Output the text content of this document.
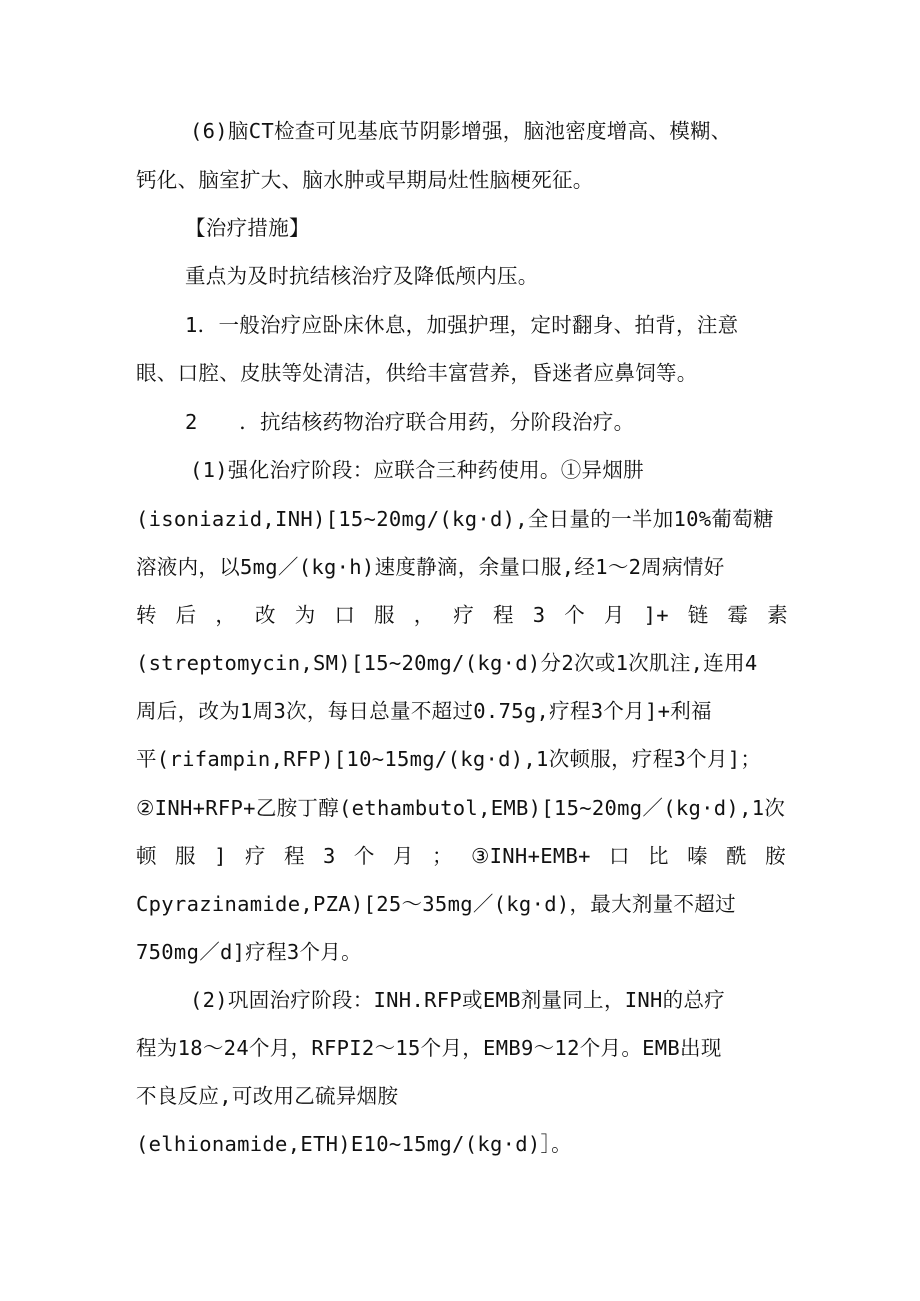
(6)脑CT检查可见基底节阴影增强，脑池密度增高、模糊、
钙化、脑室扩大、脑水肿或早期局灶性脑梗死征。
【治疗措施】
重点为及时抗结核治疗及降低颅内压。
1．一般治疗应卧床休息，加强护理，定时翻身、拍背，注意
眼、口腔、皮肤等处清洁，供给丰富营养，昏迷者应鼻饲等。
2　　．抗结核药物治疗联合用药，分阶段治疗。
(1)强化治疗阶段：应联合三种药使用。①异烟肼
(isoniazid,INH)[15~20mg/(kg·d),全日量的一半加10%葡萄糖
溶液内，以5mg／(kg·h)速度静滴，余量口服,经1～2周病情好
转 后 ， 改 为 口 服 ， 疗 程 3 个 月 ]+ 链 霉 素
(streptomycin,SM)[15~20mg/(kg·d)分2次或1次肌注,连用4
周后，改为1周3次，每日总量不超过0.75g,疗程3个月]+利福
平(rifampin,RFP)[10~15mg/(kg·d),1次顿服，疗程3个月]；
②INH+RFP+乙胺丁醇(ethambutol,EMB)[15~20mg／(kg·d),1次
顿 服 ] 疗 程 3 个 月 ； ③INH+EMB+ 口 比 嗪 酰 胺
Cpyrazinamide,PZA)[25～35mg／(kg·d)，最大剂量不超过
750mg／d]疗程3个月。
(2)巩固治疗阶段：INH.RFP或EMB剂量同上，INH的总疗
程为18～24个月，RFPI2～15个月，EMB9～12个月。EMB出现
不良反应,可改用乙硫异烟胺
(elhionamide,ETH)E10~15mg/(kg·d)］。
